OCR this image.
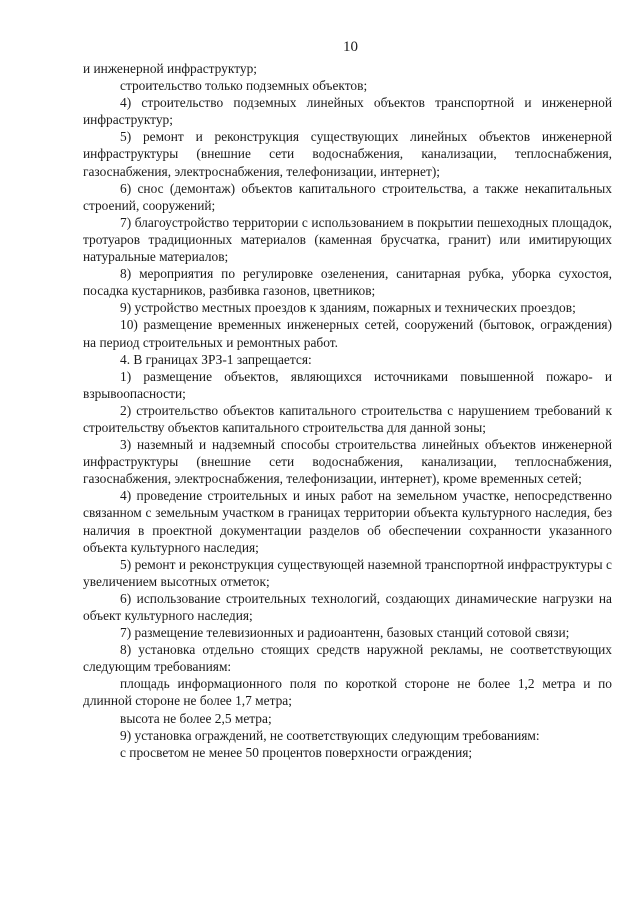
10

и инженерной инфраструктур;

строительство только подземных объектов;

4) строительство подземных линейных объектов транспортной и инженерной инфраструктур;

5) ремонт и реконструкция существующих линейных объектов инженерной инфраструктуры (внешние сети водоснабжения, канализации, теплоснабжения, газоснабжения, электроснабжения, телефонизации, интернет);

6) снос (демонтаж) объектов капитального строительства, а также некапитальных строений, сооружений;

7) благоустройство территории с использованием в покрытии пешеходных площадок, тротуаров традиционных материалов (каменная брусчатка, гранит) или имитирующих натуральные материалов;

8) мероприятия по регулировке озеленения, санитарная рубка, уборка сухостоя, посадка кустарников, разбивка газонов, цветников;

9) устройство местных проездов к зданиям, пожарных и технических проездов;

10) размещение временных инженерных сетей, сооружений (бытовок, ограждения) на период строительных и ремонтных работ.

4. В границах ЗРЗ-1 запрещается:

1) размещение объектов, являющихся источниками повышенной пожаро- и взрывоопасности;

2) строительство объектов капитального строительства с нарушением требований к строительству объектов капитального строительства для данной зоны;

3) наземный и надземный способы строительства линейных объектов инженерной инфраструктуры (внешние сети водоснабжения, канализации, теплоснабжения, газоснабжения, электроснабжения, телефонизации, интернет), кроме временных сетей;

4) проведение строительных и иных работ на земельном участке, непосредственно связанном с земельным участком в границах территории объекта культурного наследия, без наличия в проектной документации разделов об обеспечении сохранности указанного объекта культурного наследия;

5) ремонт и реконструкция существующей наземной транспортной инфраструктуры с увеличением высотных отметок;

6) использование строительных технологий, создающих динамические нагрузки на объект культурного наследия;

7) размещение телевизионных и радиоантенн, базовых станций сотовой связи;

8) установка отдельно стоящих средств наружной рекламы, не соответствующих следующим требованиям:

площадь информационного поля по короткой стороне не более 1,2 метра и по длинной стороне не более 1,7 метра;

высота не более 2,5 метра;

9) установка ограждений, не соответствующих следующим требованиям:

с просветом не менее 50 процентов поверхности ограждения;
